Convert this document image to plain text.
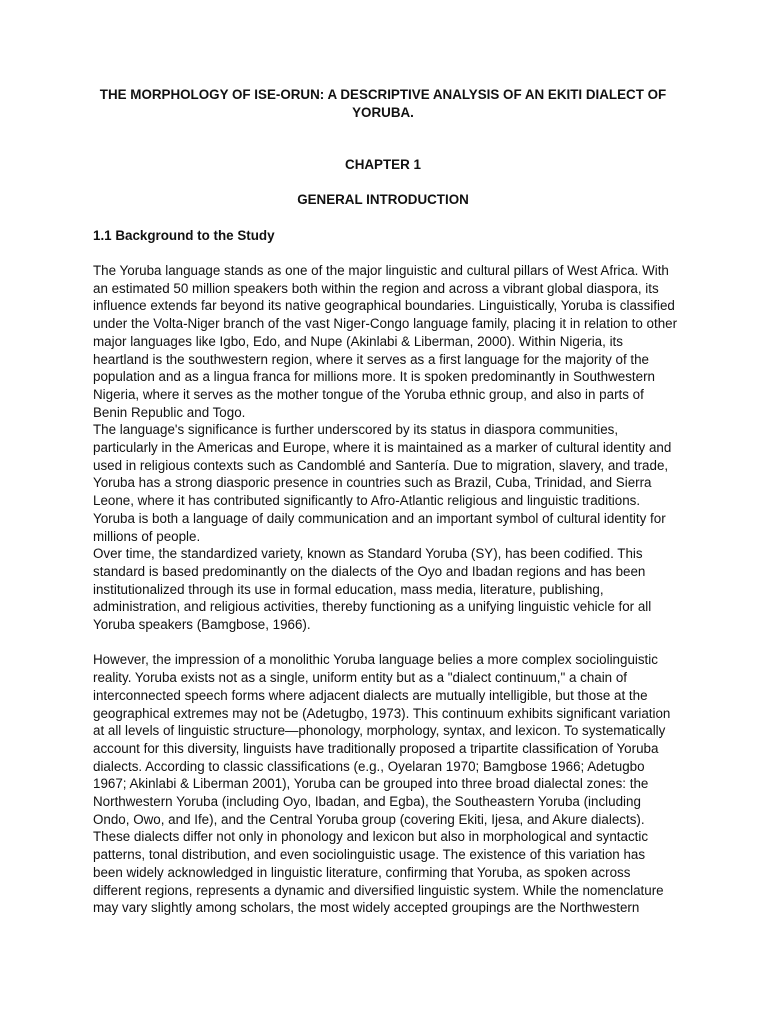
THE MORPHOLOGY OF ISE-ORUN: A DESCRIPTIVE ANALYSIS OF AN EKITI DIALECT OF YORUBA.
CHAPTER 1
GENERAL INTRODUCTION
1.1 Background to the Study

The Yoruba language stands as one of the major linguistic and cultural pillars of West Africa. With an estimated 50 million speakers both within the region and across a vibrant global diaspora, its influence extends far beyond its native geographical boundaries. Linguistically, Yoruba is classified under the Volta-Niger branch of the vast Niger-Congo language family, placing it in relation to other major languages like Igbo, Edo, and Nupe (Akinlabi & Liberman, 2000). Within Nigeria, its heartland is the southwestern region, where it serves as a first language for the majority of the population and as a lingua franca for millions more. It is spoken predominantly in Southwestern Nigeria, where it serves as the mother tongue of the Yoruba ethnic group, and also in parts of Benin Republic and Togo.

The language's significance is further underscored by its status in diaspora communities, particularly in the Americas and Europe, where it is maintained as a marker of cultural identity and used in religious contexts such as Candomblé and Santería. Due to migration, slavery, and trade, Yoruba has a strong diasporic presence in countries such as Brazil, Cuba, Trinidad, and Sierra Leone, where it has contributed significantly to Afro-Atlantic religious and linguistic traditions. Yoruba is both a language of daily communication and an important symbol of cultural identity for millions of people.

Over time, the standardized variety, known as Standard Yoruba (SY), has been codified. This standard is based predominantly on the dialects of the Oyo and Ibadan regions and has been institutionalized through its use in formal education, mass media, literature, publishing, administration, and religious activities, thereby functioning as a unifying linguistic vehicle for all Yoruba speakers (Bamgbose, 1966).

However, the impression of a monolithic Yoruba language belies a more complex sociolinguistic reality. Yoruba exists not as a single, uniform entity but as a "dialect continuum," a chain of interconnected speech forms where adjacent dialects are mutually intelligible, but those at the geographical extremes may not be (Adetugbọ, 1973). This continuum exhibits significant variation at all levels of linguistic structure—phonology, morphology, syntax, and lexicon. To systematically account for this diversity, linguists have traditionally proposed a tripartite classification of Yoruba dialects. According to classic classifications (e.g., Oyelaran 1970; Bamgbose 1966; Adetugbo 1967; Akinlabi & Liberman 2001), Yoruba can be grouped into three broad dialectal zones: the Northwestern Yoruba (including Oyo, Ibadan, and Egba), the Southeastern Yoruba (including Ondo, Owo, and Ife), and the Central Yoruba group (covering Ekiti, Ijesa, and Akure dialects). These dialects differ not only in phonology and lexicon but also in morphological and syntactic patterns, tonal distribution, and even sociolinguistic usage. The existence of this variation has been widely acknowledged in linguistic literature, confirming that Yoruba, as spoken across different regions, represents a dynamic and diversified linguistic system. While the nomenclature may vary slightly among scholars, the most widely accepted groupings are the Northwestern
